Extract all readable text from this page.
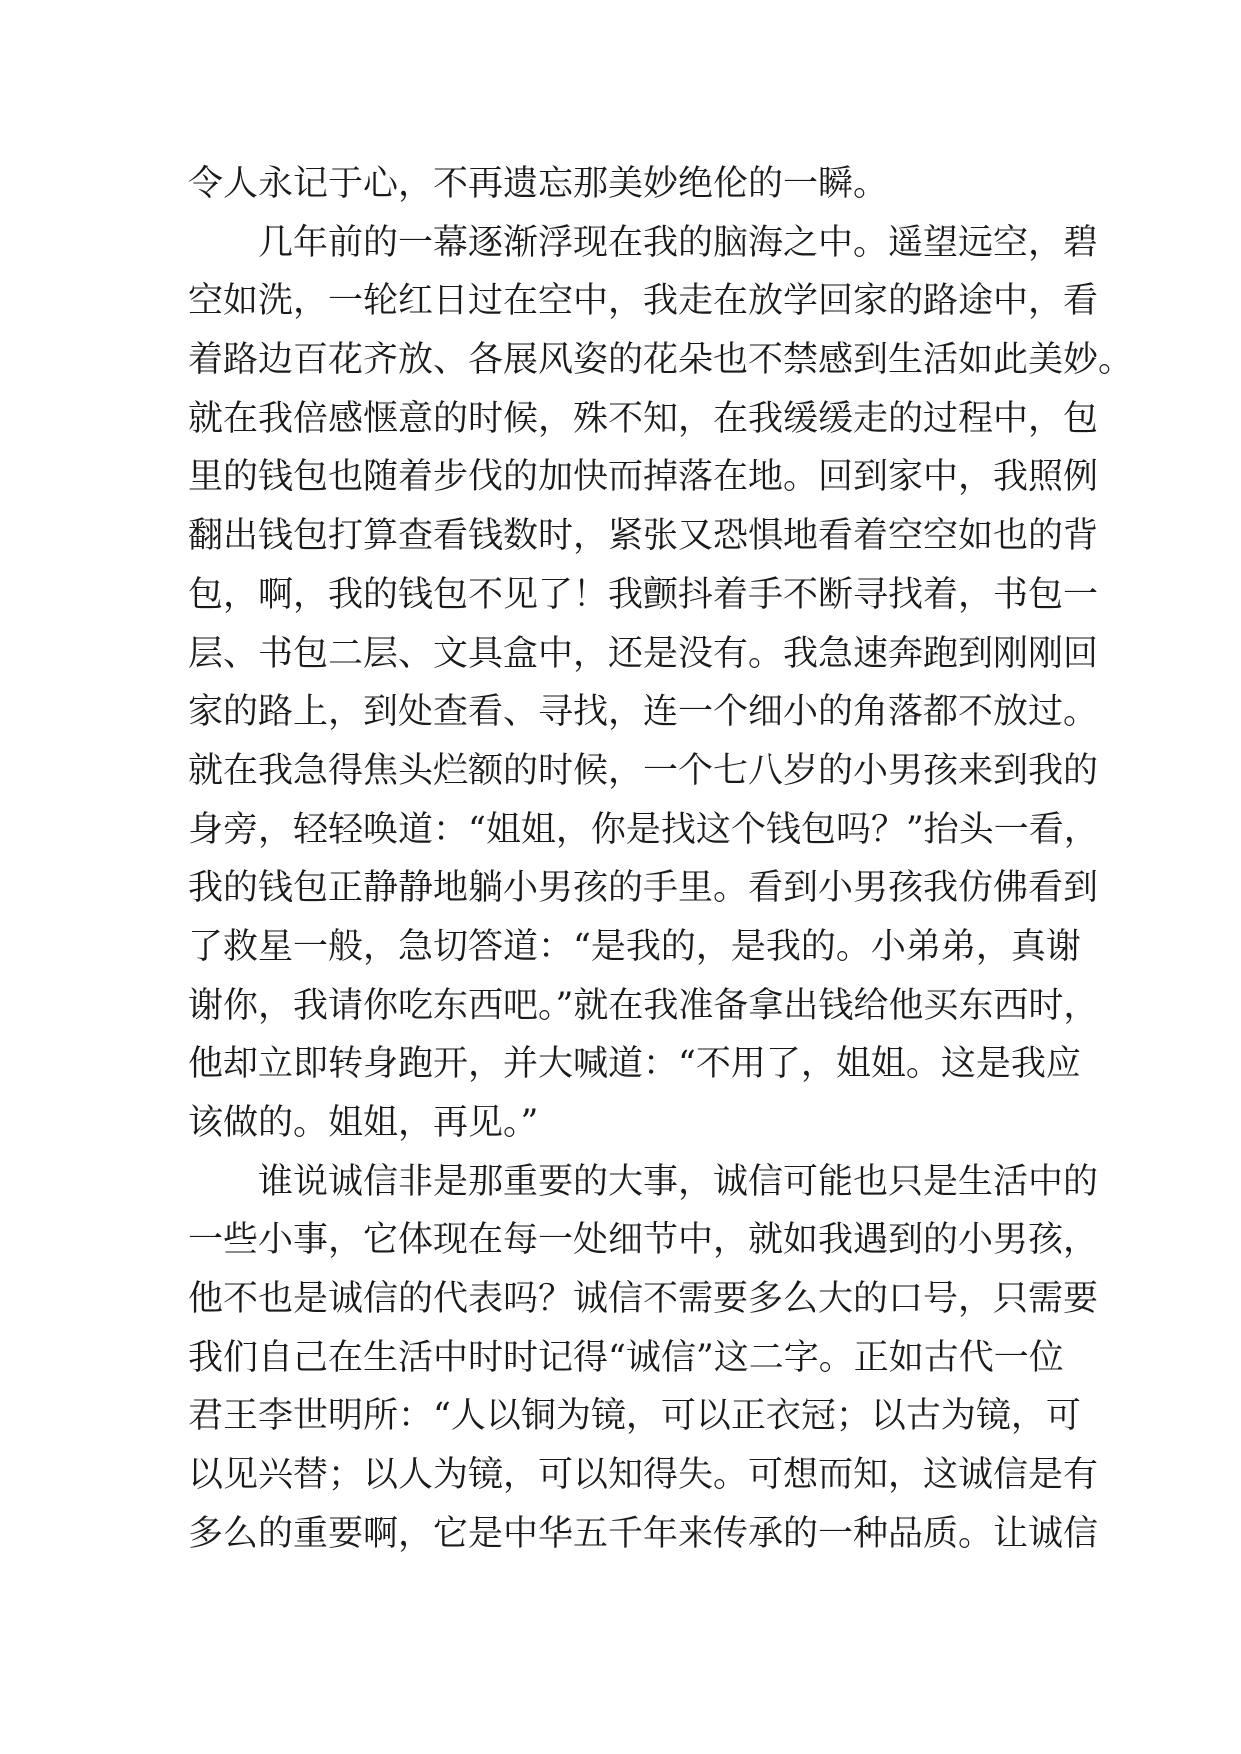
令人永记于心，不再遗忘那美妙绝伦的一瞬。
几年前的一幕逐渐浮现在我的脑海之中。遥望远空，碧
空如洗，一轮红日过在空中，我走在放学回家的路途中，看
着路边百花齐放、各展风姿的花朵也不禁感到生活如此美妙。
就在我倍感惬意的时候，殊不知，在我缓缓走的过程中，包
里的钱包也随着步伐的加快而掉落在地。回到家中，我照例
翻出钱包打算查看钱数时，紧张又恐惧地看着空空如也的背
包，啊，我的钱包不见了！我颤抖着手不断寻找着，书包一
层、书包二层、文具盒中，还是没有。我急速奔跑到刚刚回
家的路上，到处查看、寻找，连一个细小的角落都不放过。
就在我急得焦头烂额的时候，一个七八岁的小男孩来到我的
身旁，轻轻唤道：“姐姐，你是找这个钱包吗？”抬头一看，
我的钱包正静静地躺小男孩的手里。看到小男孩我仿佛看到
了救星一般，急切答道：“是我的，是我的。小弟弟，真谢
谢你，我请你吃东西吧。”就在我准备拿出钱给他买东西时，
他却立即转身跑开，并大喊道：“不用了，姐姐。这是我应
该做的。姐姐，再见。”
谁说诚信非是那重要的大事，诚信可能也只是生活中的
一些小事，它体现在每一处细节中，就如我遇到的小男孩，
他不也是诚信的代表吗？诚信不需要多么大的口号，只需要
我们自己在生活中时时记得“诚信”这二字。正如古代一位
君王李世明所：“人以铜为镜，可以正衣冠；以古为镜，可
以见兴替；以人为镜，可以知得失。可想而知，这诚信是有
多么的重要啊，它是中华五千年来传承的一种品质。让诚信
